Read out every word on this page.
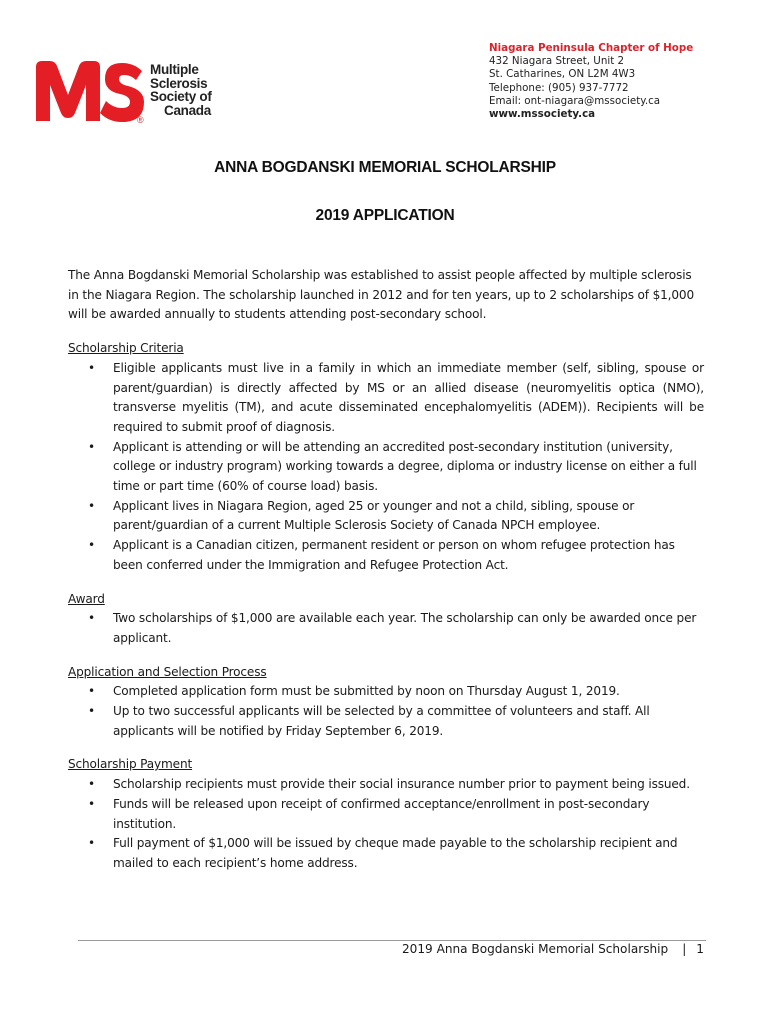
®
Multiple
Sclerosis
Society of
Canada
Niagara Peninsula Chapter of Hope
432 Niagara Street, Unit 2
St. Catharines, ON L2M 4W3
Telephone: (905) 937-7772
Email: ont-niagara@mssociety.ca
www.mssociety.ca
ANNA BOGDANSKI MEMORIAL SCHOLARSHIP
2019 APPLICATION

The Anna Bogdanski Memorial Scholarship was established to assist people affected by multiple sclerosis in the Niagara Region. The scholarship launched in 2012 and for ten years, up to 2 scholarships of $1,000 will be awarded annually to students attending post-secondary school.

Scholarship Criteria
• Eligible applicants must live in a family in which an immediate member (self, sibling, spouse or parent/guardian) is directly affected by MS or an allied disease (neuromyelitis optica (NMO), transverse myelitis (TM), and acute disseminated encephalomyelitis (ADEM)). Recipients will be required to submit proof of diagnosis.
• Applicant is attending or will be attending an accredited post-secondary institution (university, college or industry program) working towards a degree, diploma or industry license on either a full time or part time (60% of course load) basis.
• Applicant lives in Niagara Region, aged 25 or younger and not a child, sibling, spouse or parent/guardian of a current Multiple Sclerosis Society of Canada NPCH employee.
• Applicant is a Canadian citizen, permanent resident or person on whom refugee protection has been conferred under the Immigration and Refugee Protection Act.
Award
• Two scholarships of $1,000 are available each year. The scholarship can only be awarded once per applicant.
Application and Selection Process
• Completed application form must be submitted by noon on Thursday August 1, 2019.
• Up to two successful applicants will be selected by a committee of volunteers and staff. All applicants will be notified by Friday September 6, 2019.
Scholarship Payment
• Scholarship recipients must provide their social insurance number prior to payment being issued.
• Funds will be released upon receipt of confirmed acceptance/enrollment in post-secondary institution.
• Full payment of $1,000 will be issued by cheque made payable to the scholarship recipient and mailed to each recipient’s home address.
2019 Anna Bogdanski Memorial Scholarship | 1
